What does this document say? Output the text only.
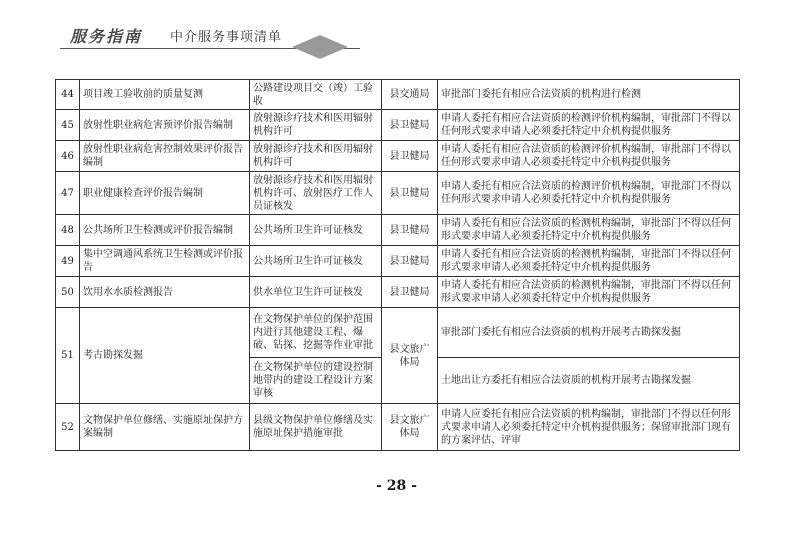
服务指南 中介服务事项清单
44	项目竣工验收前的质量复测	公路建设项目交（竣）工验收	县交通局	审批部门委托有相应合法资质的机构进行检测
45	放射性职业病危害预评价报告编制	放射源诊疗技术和医用辐射机构许可	县卫健局	申请人委托有相应合法资质的检测评价机构编制，审批部门不得以任何形式要求申请人必须委托特定中介机构提供服务
46	放射性职业病危害控制效果评价报告编制	放射源诊疗技术和医用辐射机构许可	县卫健局	申请人委托有相应合法资质的检测评价机构编制，审批部门不得以任何形式要求申请人必须委托特定中介机构提供服务
47	职业健康检查评价报告编制	放射源诊疗技术和医用辐射机构许可、放射医疗工作人员证核发	县卫健局	申请人委托有相应合法资质的检测评价机构编制，审批部门不得以任何形式要求申请人必须委托特定中介机构提供服务
48	公共场所卫生检测或评价报告编制	公共场所卫生许可证核发	县卫健局	申请人委托有相应合法资质的检测机构编制，审批部门不得以任何形式要求申请人必须委托特定中介机构提供服务
49	集中空调通风系统卫生检测或评价报告	公共场所卫生许可证核发	县卫健局	申请人委托有相应合法资质的检测机构编制，审批部门不得以任何形式要求申请人必须委托特定中介机构提供服务
50	饮用水水质检测报告	供水单位卫生许可证核发	县卫健局	申请人委托有相应合法资质的检测机构编制，审批部门不得以任何形式要求申请人必须委托特定中介机构提供服务
51	考古勘探发掘	在文物保护单位的保护范围内进行其他建设工程、爆破、钻探、挖掘等作业审批	县文旅广体局	审批部门委托有相应合法资质的机构开展考古勘探发掘
		在文物保护单位的建设控制地带内的建设工程设计方案审核		土地出让方委托有相应合法资质的机构开展考古勘探发掘
52	文物保护单位修缮、实施原址保护方案编制	县级文物保护单位修缮及实施原址保护措施审批	县文旅广体局	申请人应委托有相应合法资质的机构编制，审批部门不得以任何形式要求申请人必须委托特定中介机构提供服务；保留审批部门现有的方案评估、评审
- 28 -
